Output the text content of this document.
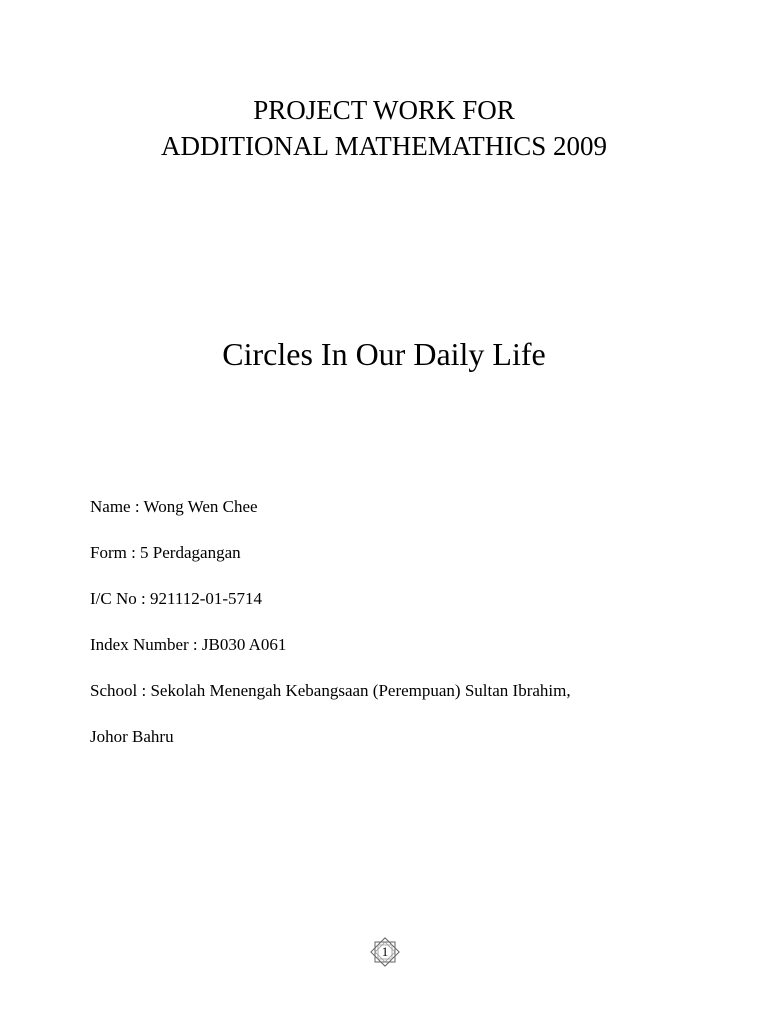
PROJECT WORK FOR
ADDITIONAL MATHEMATHICS 2009
Circles In Our Daily Life
Name : Wong Wen Chee
Form : 5 Perdagangan
I/C No : 921112-01-5714
Index Number : JB030 A061
School : Sekolah Menengah Kebangsaan (Perempuan) Sultan Ibrahim,
Johor Bahru
1
